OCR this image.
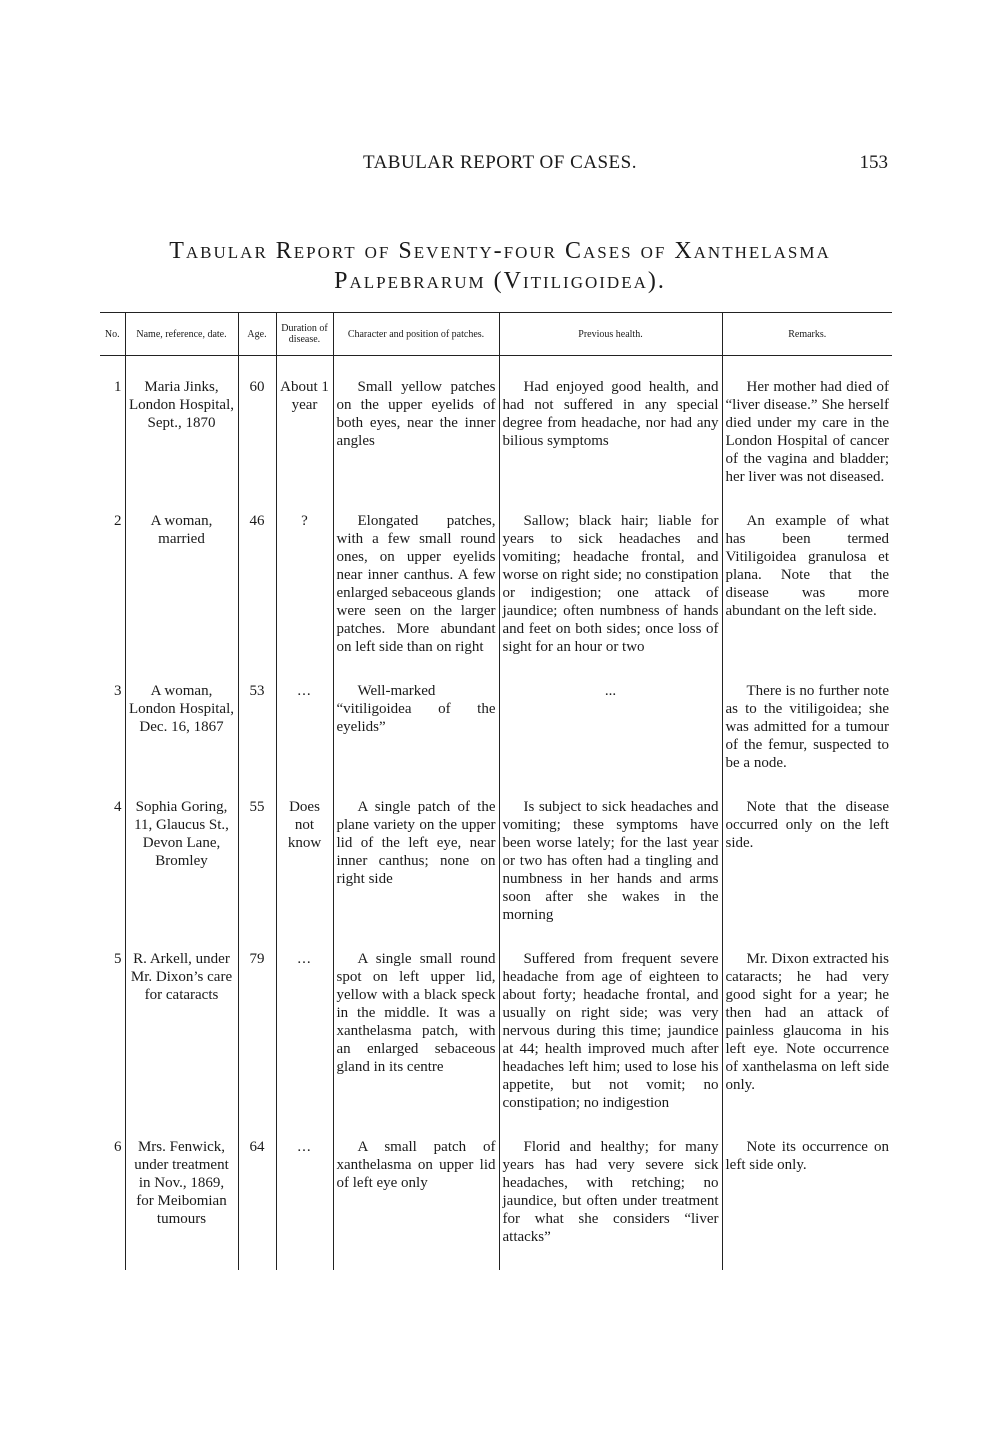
TABULAR REPORT OF CASES.	153
Tabular Report of Seventy-four Cases of Xanthelasma
Palpebrarum (Vitiligoidea).
No.	Name, reference, date.	Age.	Duration of disease.	Character and position of patches.	Previous health.	Remarks.

1	Maria Jinks, London Hospital, Sept., 1870	60	About 1 year	Small yellow patches on the upper eyelids of both eyes, near the inner angles	Had enjoyed good health, and had not suffered in any special degree from headache, nor had any bilious symptoms	Her mother had died of “liver disease.” She herself died under my care in the London Hospital of cancer of the vagina and bladder; her liver was not diseased.
2	A woman, married	46	?	Elongated patches, with a few small round ones, on upper eyelids near inner canthus. A few enlarged sebaceous glands were seen on the larger patches. More abundant on left side than on right	Sallow; black hair; liable for years to sick headaches and vomiting; headache frontal, and worse on right side; no constipation or indigestion; one attack of jaundice; often numbness of hands and feet on both sides; once loss of sight for an hour or two	An example of what has been termed Vitiligoidea granulosa et plana. Note that the disease was more abundant on the left side.
3	A woman, London Hospital, Dec. 16, 1867	53	...	Well-marked “vitiligoidea of the eyelids”	...	There is no further note as to the vitiligoidea; she was admitted for a tumour of the femur, suspected to be a node.
4	Sophia Goring, 11, Glaucus St., Devon Lane, Bromley	55	Does not know	A single patch of the plane variety on the upper lid of the left eye, near inner canthus; none on right side	Is subject to sick headaches and vomiting; these symptoms have been worse lately; for the last year or two has often had a tingling and numbness in her hands and arms soon after she wakes in the morning	Note that the disease occurred only on the left side.
5	R. Arkell, under Mr. Dixon’s care for cataracts	79	...	A single small round spot on left upper lid, yellow with a black speck in the middle. It was a xanthelasma patch, with an enlarged sebaceous gland in its centre	Suffered from frequent severe headache from age of eighteen to about forty; headache frontal, and usually on right side; was very nervous during this time; jaundice at 44; health improved much after headaches left him; used to lose his appetite, but not vomit; no constipation; no indigestion	Mr. Dixon extracted his cataracts; he had very good sight for a year; he then had an attack of painless glaucoma in his left eye. Note occurrence of xanthelasma on left side only.
6	Mrs. Fenwick, under treatment in Nov., 1869, for Meibomian tumours	64	...	A small patch of xanthelasma on upper lid of left eye only	Florid and healthy; for many years has had very severe sick headaches, with retching; no jaundice, but often under treatment for what she considers “liver attacks”	Note its occurrence on left side only.
